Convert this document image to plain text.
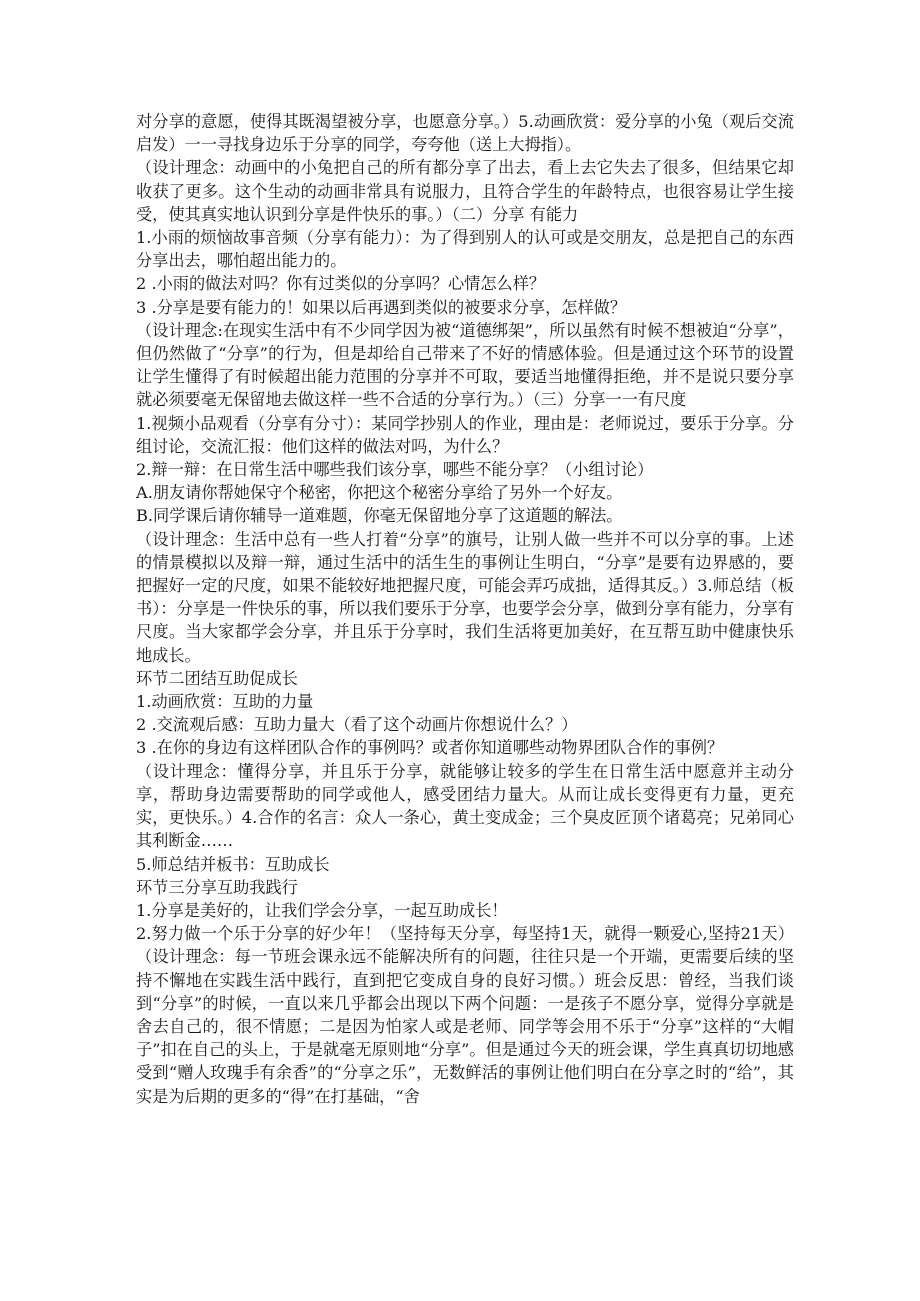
对分享的意愿，使得其既渴望被分享，也愿意分享。）5.动画欣赏：爱分享的小兔（观后交流启发）一一寻找身边乐于分享的同学，夸夸他（送上大拇指）。

（设计理念：动画中的小兔把自己的所有都分享了出去，看上去它失去了很多，但结果它却收获了更多。这个生动的动画非常具有说服力，且符合学生的年龄特点，也很容易让学生接受，使其真实地认识到分享是件快乐的事。）（二）分享 有能力

1.小雨的烦恼故事音频（分享有能力）：为了得到别人的认可或是交朋友，总是把自己的东西分享出去，哪怕超出能力的。

2 .小雨的做法对吗？你有过类似的分享吗？心情怎么样？

3 .分享是要有能力的！如果以后再遇到类似的被要求分享，怎样做？

（设计理念:在现实生活中有不少同学因为被“道德绑架”，所以虽然有时候不想被迫“分享”，但仍然做了“分享”的行为，但是却给自己带来了不好的情感体验。但是通过这个环节的设置让学生懂得了有时候超出能力范围的分享并不可取，要适当地懂得拒绝，并不是说只要分享就必须要毫无保留地去做这样一些不合适的分享行为。）（三）分享一一有尺度

1.视频小品观看（分享有分寸）：某同学抄别人的作业，理由是：老师说过，要乐于分享。分组讨论，交流汇报：他们这样的做法对吗，为什么？

2.辩一辩：在日常生活中哪些我们该分享，哪些不能分享？（小组讨论）

A.朋友请你帮她保守个秘密，你把这个秘密分享给了另外一个好友。

B.同学课后请你辅导一道难题，你毫无保留地分享了这道题的解法。

（设计理念：生活中总有一些人打着“分享”的旗号，让别人做一些并不可以分享的事。上述的情景模拟以及辩一辩，通过生活中的活生生的事例让生明白，“分享”是要有边界感的，要把握好一定的尺度，如果不能较好地把握尺度，可能会弄巧成拙，适得其反。）3.师总结（板书）：分享是一件快乐的事，所以我们要乐于分享，也要学会分享，做到分享有能力，分享有尺度。当大家都学会分享，并且乐于分享时，我们生活将更加美好，在互帮互助中健康快乐地成长。

环节二团结互助促成长

1.动画欣赏：互助的力量

2 .交流观后感：互助力量大（看了这个动画片你想说什么？）

3 .在你的身边有这样团队合作的事例吗？或者你知道哪些动物界团队合作的事例？

（设计理念：懂得分享，并且乐于分享，就能够让较多的学生在日常生活中愿意并主动分享，帮助身边需要帮助的同学或他人，感受团结力量大。从而让成长变得更有力量，更充实，更快乐。）4.合作的名言：众人一条心，黄土变成金；三个臭皮匠顶个诸葛亮；兄弟同心其利断金……

5.师总结并板书：互助成长

环节三分享互助我践行

1.分享是美好的，让我们学会分享，一起互助成长！

2.努力做一个乐于分享的好少年！（坚持每天分享，每坚持1天，就得一颗爱心,坚持21天）（设计理念：每一节班会课永远不能解决所有的问题，往往只是一个开端，更需要后续的坚持不懈地在实践生活中践行，直到把它变成自身的良好习惯。）班会反思：曾经，当我们谈到“分享”的时候，一直以来几乎都会出现以下两个问题：一是孩子不愿分享，觉得分享就是舍去自己的，很不情愿；二是因为怕家人或是老师、同学等会用不乐于“分享”这样的“大帽子”扣在自己的头上，于是就毫无原则地“分享”。但是通过今天的班会课，学生真真切切地感受到“赠人玫瑰手有余香”的“分享之乐”，无数鲜活的事例让他们明白在分享之时的“给”，其实是为后期的更多的“得”在打基础，“舍
